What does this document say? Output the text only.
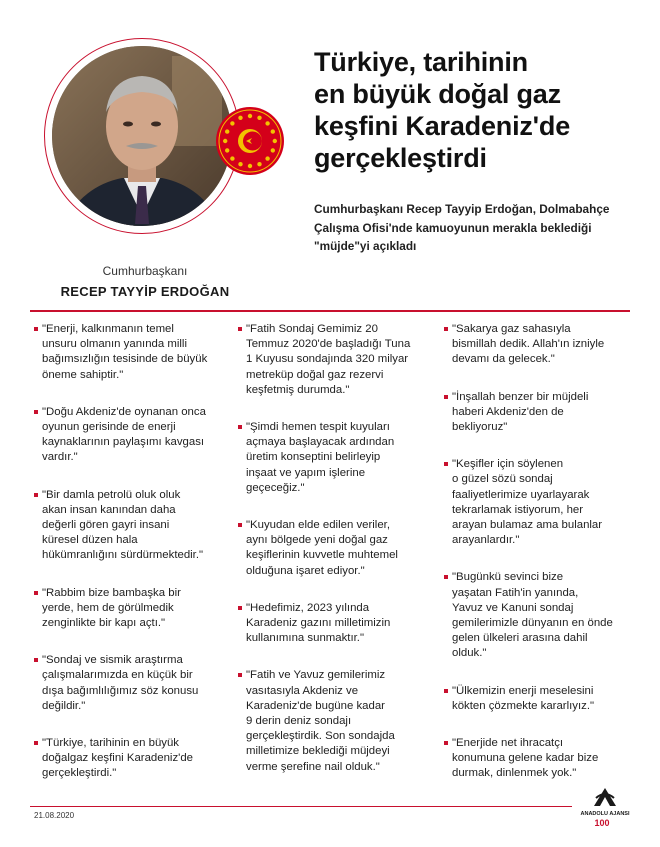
Cumhurbaşkanı
RECEP TAYYİP ERDOĞAN
Türkiye, tarihinin
en büyük doğal gaz
keşfini Karadeniz'de
gerçekleştirdi
Cumhurbaşkanı Recep Tayyip Erdoğan, Dolmabahçe
Çalışma Ofisi'nde kamuoyunun merakla beklediği
"müjde"yi açıkladı
"Enerji, kalkınmanın temel
unsuru olmanın yanında milli
bağımsızlığın tesisinde de büyük
öneme sahiptir."
"Doğu Akdeniz'de oynanan onca
oyunun gerisinde de enerji
kaynaklarının paylaşımı kavgası
vardır."
"Bir damla petrolü oluk oluk
akan insan kanından daha
değerli gören gayri insani
küresel düzen hala
hükümranlığını sürdürmektedir."
"Rabbim bize bambaşka bir
yerde, hem de görülmedik
zenginlikte bir kapı açtı."
"Sondaj ve sismik araştırma
çalışmalarımızda en küçük bir
dışa bağımlılığımız söz konusu
değildir."
"Türkiye, tarihinin en büyük
doğalgaz keşfini Karadeniz'de
gerçekleştirdi."
"Fatih Sondaj Gemimiz 20
Temmuz 2020'de başladığı Tuna
1 Kuyusu sondajında 320 milyar
metreküp doğal gaz rezervi
keşfetmiş durumda."
"Şimdi hemen tespit kuyuları
açmaya başlayacak ardından
üretim konseptini belirleyip
inşaat ve yapım işlerine
geçeceğiz."
"Kuyudan elde edilen veriler,
aynı bölgede yeni doğal gaz
keşiflerinin kuvvetle muhtemel
olduğuna işaret ediyor."
"Hedefimiz, 2023 yılında
Karadeniz gazını milletimizin
kullanımına sunmaktır."
"Fatih ve Yavuz gemilerimiz
vasıtasıyla Akdeniz ve
Karadeniz'de bugüne kadar
9 derin deniz sondajı
gerçekleştirdik. Son sondajda
milletimize beklediği müjdeyi
verme şerefine nail olduk."
"Sakarya gaz sahasıyla
bismillah dedik. Allah'ın izniyle
devamı da gelecek."
"İnşallah benzer bir müjdeli
haberi Akdeniz'den de
bekliyoruz"
"Keşifler için söylenen
o güzel sözü sondaj
faaliyetlerimize uyarlayarak
tekrarlamak istiyorum, her
arayan bulamaz ama bulanlar
arayanlardır."
"Bugünkü sevinci bize
yaşatan Fatih'in yanında,
Yavuz ve Kanuni sondaj
gemilerimizle dünyanın en önde
gelen ülkeleri arasına dahil
olduk."
"Ülkemizin enerji meselesini
kökten çözmekte kararlıyız."
"Enerjide net ihracatçı
konumuna gelene kadar bize
durmak, dinlenmek yok."
21.08.2020	ANADOLU AJANSI
100
